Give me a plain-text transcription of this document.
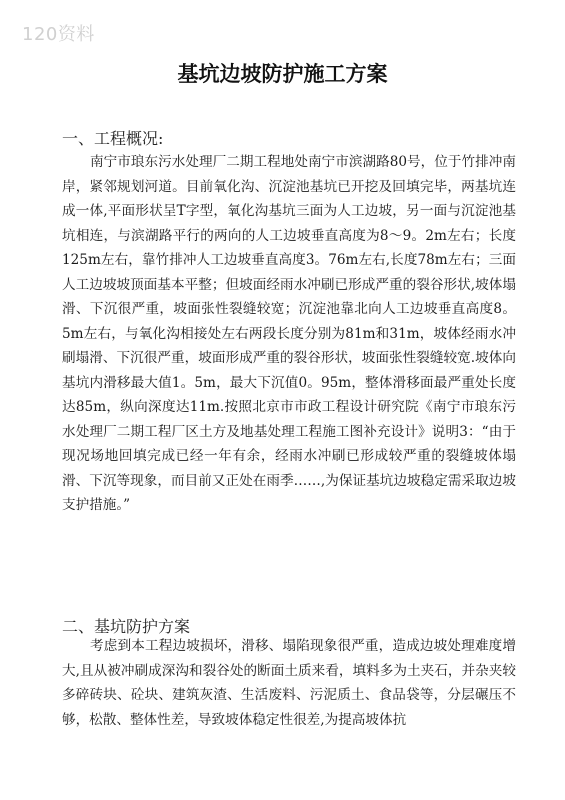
120资料
基坑边坡防护施工方案
一、工程概况:

南宁市琅东污水处理厂二期工程地处南宁市滨湖路80号，位于竹排冲南岸，紧邻规划河道。目前氧化沟、沉淀池基坑已开挖及回填完毕，两基坑连成一体,平面形状呈T字型，氧化沟基坑三面为人工边坡，另一面与沉淀池基坑相连，与滨湖路平行的两向的人工边坡垂直高度为8～9。2m左右；长度125m左右，靠竹排冲人工边坡垂直高度3。76m左右,长度78m左右；三面人工边坡坡顶面基本平整；但坡面经雨水冲刷已形成严重的裂谷形状,坡体塌滑、下沉很严重，坡面张性裂缝较宽；沉淀池靠北向人工边坡垂直高度8。5m左右，与氧化沟相接处左右两段长度分别为81m和31m，坡体经雨水冲刷塌滑、下沉很严重，坡面形成严重的裂谷形状，坡面张性裂缝较宽.坡体向基坑内滑移最大值1。5m，最大下沉值0。95m，整体滑移面最严重处长度达85m，纵向深度达11m.按照北京市市政工程设计研究院《南宁市琅东污水处理厂二期工程厂区土方及地基处理工程施工图补充设计》说明3：“由于现况场地回填完成已经一年有余，经雨水冲刷已形成较严重的裂缝坡体塌滑、下沉等现象，而目前又正处在雨季……,为保证基坑边坡稳定需采取边坡支护措施。”

二、基坑防护方案

考虑到本工程边坡损坏，滑移、塌陷现象很严重，造成边坡处理难度增大,且从被冲刷成深沟和裂谷处的断面土质来看，填料多为土夹石，并杂夹较多碎砖块、砼块、建筑灰渣、生活废料、污泥质土、食品袋等，分层碾压不够，松散、整体性差，导致坡体稳定性很差,为提高坡体抗
